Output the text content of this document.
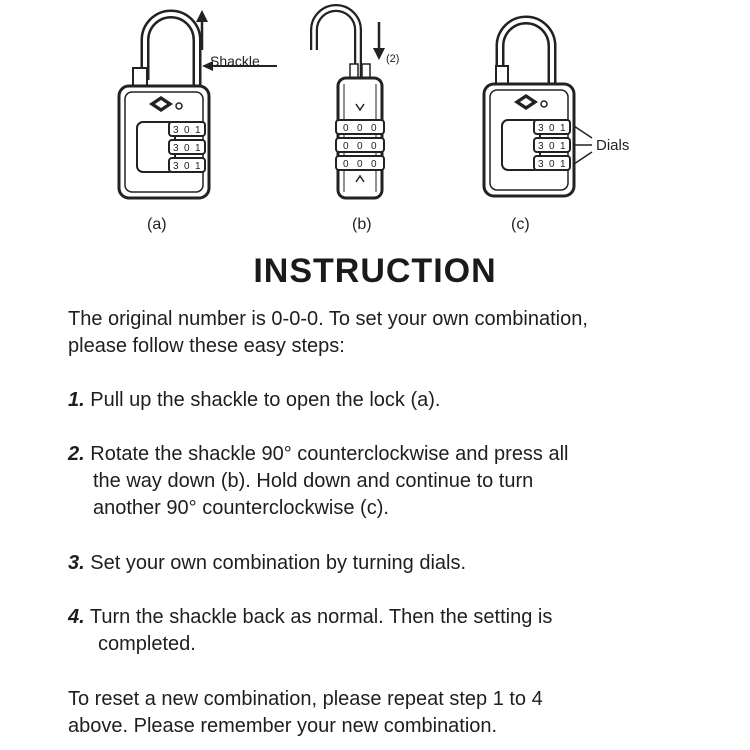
3 0 1
3 0 1
3 0 1
Shackle
0 0 0
0 0 0
0 0 0
(2)
3 0 1
3 0 1
3 0 1
Dials
(a)	(b)	(c)
INSTRUCTION
The original number is 0-0-0. To set your own combination,
please follow these easy steps:
1. Pull up the shackle to open the lock (a).
2. Rotate the shackle 90° counterclockwise and press all
the way down (b). Hold down and continue to turn
another 90° counterclockwise (c).
3. Set your own combination by turning dials.
4. Turn the shackle back as normal. Then the setting is
completed.
To reset a new combination, please repeat step 1 to 4
above. Please remember your new combination.
